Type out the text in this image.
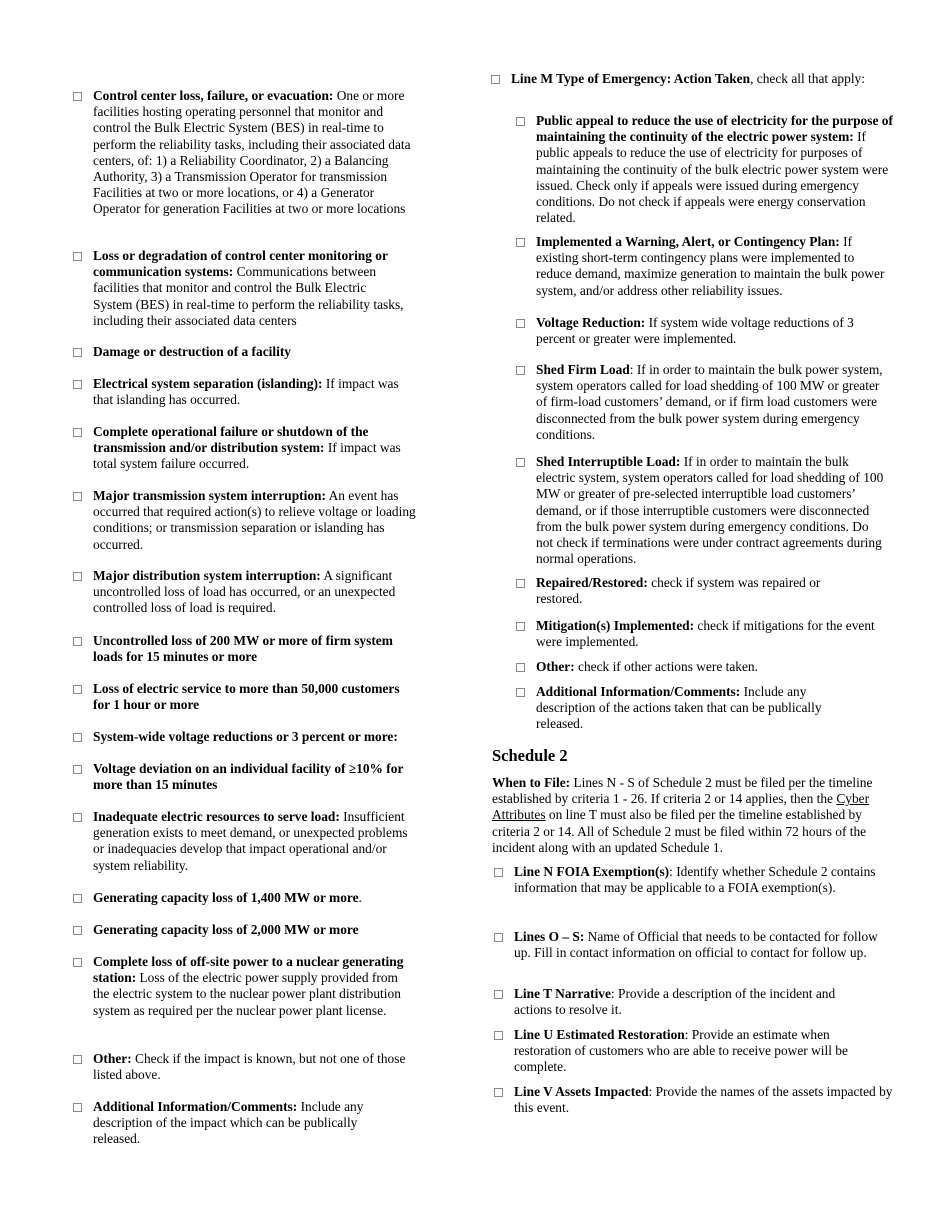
Control center loss, failure, or evacuation: One or more facilities hosting operating personnel that monitor and control the Bulk Electric System (BES) in real-time to perform the reliability tasks, including their associated data centers, of: 1) a Reliability Coordinator, 2) a Balancing Authority, 3) a Transmission Operator for transmission Facilities at two or more locations, or 4) a Generator Operator for generation Facilities at two or more locations
Loss or degradation of control center monitoring or communication systems: Communications between facilities that monitor and control the Bulk Electric System (BES) in real-time to perform the reliability tasks, including their associated data centers
Damage or destruction of a facility
Electrical system separation (islanding): If impact was that islanding has occurred.
Complete operational failure or shutdown of the transmission and/or distribution system: If impact was total system failure occurred.
Major transmission system interruption: An event has occurred that required action(s) to relieve voltage or loading conditions; or transmission separation or islanding has occurred.
Major distribution system interruption: A significant uncontrolled loss of load has occurred, or an unexpected controlled loss of load is required.
Uncontrolled loss of 200 MW or more of firm system loads for 15 minutes or more
Loss of electric service to more than 50,000 customers for 1 hour or more
System-wide voltage reductions or 3 percent or more:
Voltage deviation on an individual facility of ≥10% for more than 15 minutes
Inadequate electric resources to serve load: Insufficient generation exists to meet demand, or unexpected problems or inadequacies develop that impact operational and/or system reliability.
Generating capacity loss of 1,400 MW or more.
Generating capacity loss of 2,000 MW or more
Complete loss of off-site power to a nuclear generating station: Loss of the electric power supply provided from the electric system to the nuclear power plant distribution system as required per the nuclear power plant license.
Other: Check if the impact is known, but not one of those listed above.
Additional Information/Comments: Include any description of the impact which can be publically released.
Line M Type of Emergency: Action Taken, check all that apply:
Public appeal to reduce the use of electricity for the purpose of maintaining the continuity of the electric power system: If public appeals to reduce the use of electricity for purposes of maintaining the continuity of the bulk electric power system were issued. Check only if appeals were issued during emergency conditions. Do not check if appeals were energy conservation related.
Implemented a Warning, Alert, or Contingency Plan: If existing short-term contingency plans were implemented to reduce demand, maximize generation to maintain the bulk power system, and/or address other reliability issues.
Voltage Reduction: If system wide voltage reductions of 3 percent or greater were implemented.
Shed Firm Load: If in order to maintain the bulk power system, system operators called for load shedding of 100 MW or greater of firm-load customers’ demand, or if firm load customers were disconnected from the bulk power system during emergency conditions.
Shed Interruptible Load: If in order to maintain the bulk electric system, system operators called for load shedding of 100 MW or greater of pre-selected interruptible load customers’ demand, or if those interruptible customers were disconnected from the bulk power system during emergency conditions. Do not check if terminations were under contract agreements during normal operations.
Repaired/Restored: check if system was repaired or restored.
Mitigation(s) Implemented: check if mitigations for the event were implemented.
Other: check if other actions were taken.
Additional Information/Comments: Include any description of the actions taken that can be publically released.
Schedule 2
When to File: Lines N - S of Schedule 2 must be filed per the timeline established by criteria 1 - 26. If criteria 2 or 14 applies, then the Cyber Attributes on line T must also be filed per the timeline established by criteria 2 or 14. All of Schedule 2 must be filed within 72 hours of the incident along with an updated Schedule 1.
Line N FOIA Exemption(s): Identify whether Schedule 2 contains information that may be applicable to a FOIA exemption(s).
Lines O – S: Name of Official that needs to be contacted for follow up. Fill in contact information on official to contact for follow up.
Line T Narrative: Provide a description of the incident and actions to resolve it.
Line U Estimated Restoration: Provide an estimate when restoration of customers who are able to receive power will be complete.
Line V Assets Impacted: Provide the names of the assets impacted by this event.
